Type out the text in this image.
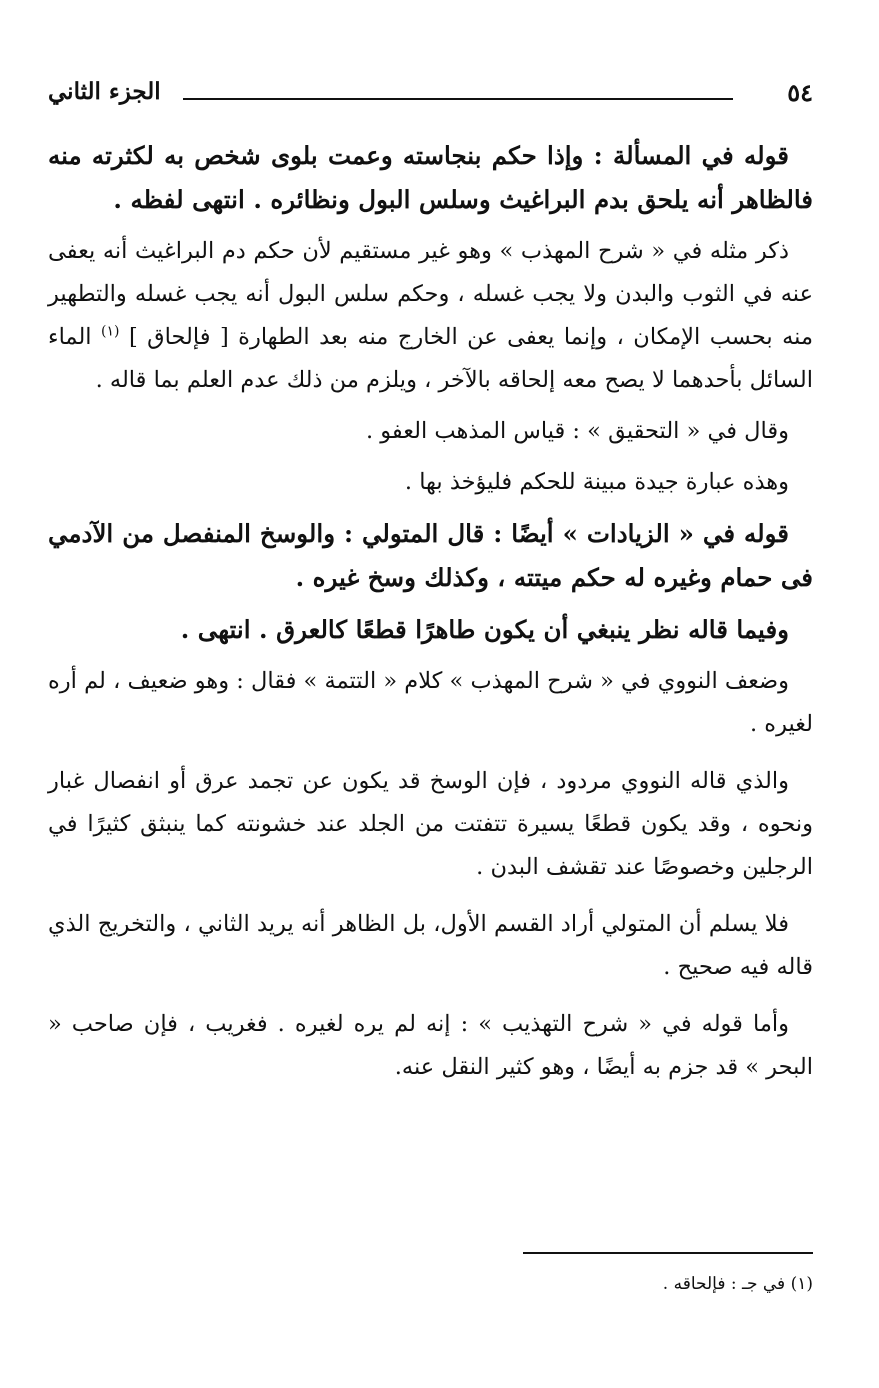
٥٤
الجزء الثاني

قوله في المسألة : وإذا حكم بنجاسته وعمت بلوى شخص به لكثرته منه فالظاهر أنه يلحق بدم البراغيث وسلس البول ونظائره . انتهى لفظه .

ذكر مثله في « شرح المهذب » وهو غير مستقيم لأن حكم دم البراغيث أنه يعفى عنه في الثوب والبدن ولا يجب غسله ، وحكم سلس البول أنه يجب غسله والتطهير منه بحسب الإمكان ، وإنما يعفى عن الخارج منه بعد الطهارة [ فإلحاق ] $^{(١)}$ الماء السائل بأحدهما لا يصح معه إلحاقه بالآخر ، ويلزم من ذلك عدم العلم بما قاله .

وقال في « التحقيق » : قياس المذهب العفو .

وهذه عبارة جيدة مبينة للحكم فليؤخذ بها .

قوله في « الزيادات » أيضًا : قال المتولي : والوسخ المنفصل من الآدمي فى حمام وغيره له حكم ميتته ، وكذلك وسخ غيره .

وفيما قاله نظر ينبغي أن يكون طاهرًا قطعًا كالعرق . انتهى .

وضعف النووي في « شرح المهذب » كلام « التتمة » فقال : وهو ضعيف ، لم أره لغيره .

والذي قاله النووي مردود ، فإن الوسخ قد يكون عن تجمد عرق أو انفصال غبار ونحوه ، وقد يكون قطعًا يسيرة تتفتت من الجلد عند خشونته كما ينبثق كثيرًا في الرجلين وخصوصًا عند تقشف البدن .

فلا يسلم أن المتولي أراد القسم الأول، بل الظاهر أنه يريد الثاني ، والتخريج الذي قاله فيه صحيح .

وأما قوله في « شرح التهذيب » : إنه لم يره لغيره . فغريب ، فإن صاحب « البحر » قد جزم به أيضًا ، وهو كثير النقل عنه.

(١) في جـ : فإلحاقه .
